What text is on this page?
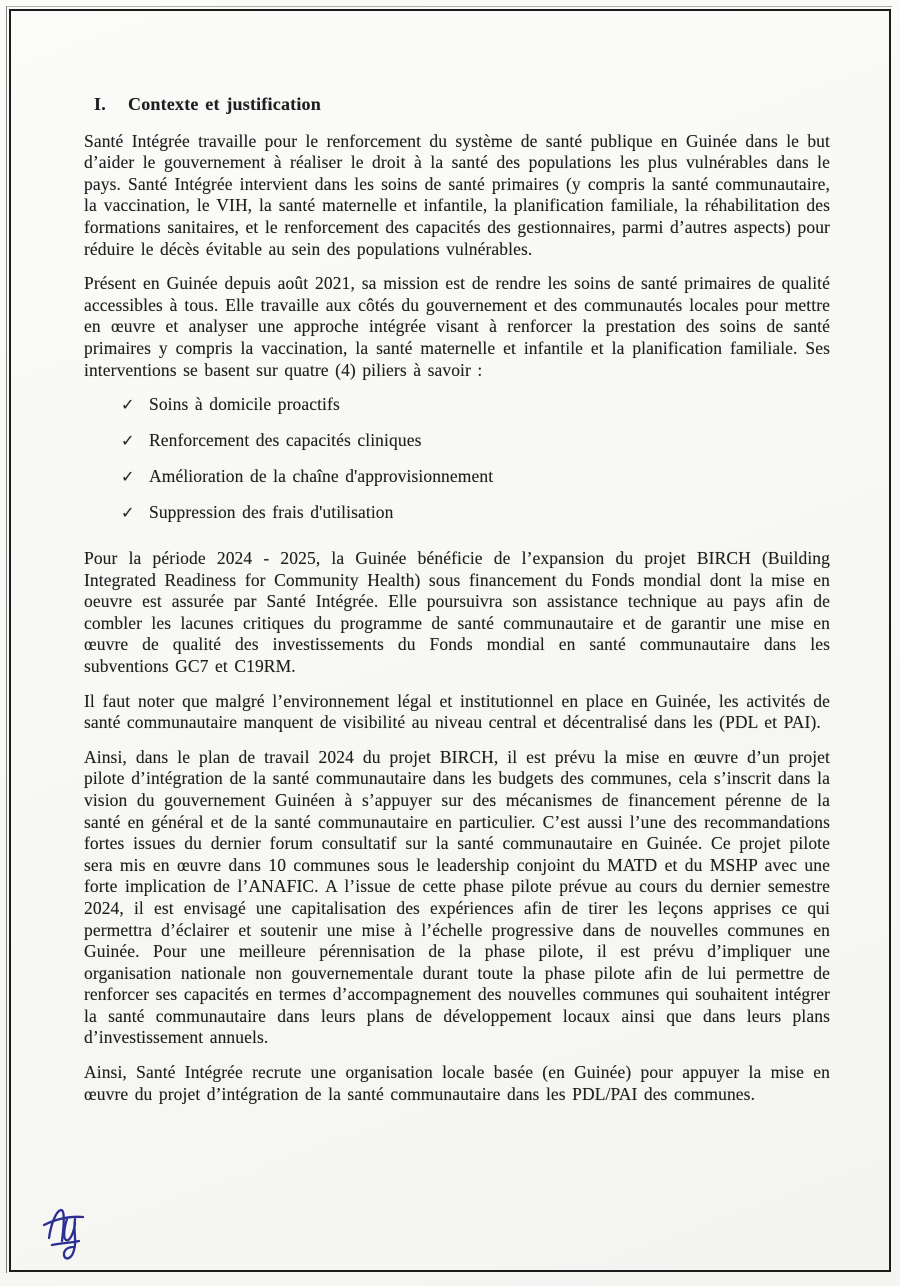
I. Contexte et justification

Santé Intégrée travaille pour le renforcement du système de santé publique en Guinée dans le but d’aider le gouvernement à réaliser le droit à la santé des populations les plus vulnérables dans le pays. Santé Intégrée intervient dans les soins de santé primaires (y compris la santé communautaire, la vaccination, le VIH, la santé maternelle et infantile, la planification familiale, la réhabilitation des formations sanitaires, et le renforcement des capacités des gestionnaires, parmi d’autres aspects) pour réduire le décès évitable au sein des populations vulnérables.

Présent en Guinée depuis août 2021, sa mission est de rendre les soins de santé primaires de qualité accessibles à tous. Elle travaille aux côtés du gouvernement et des communautés locales pour mettre en œuvre et analyser une approche intégrée visant à renforcer la prestation des soins de santé primaires y compris la vaccination, la santé maternelle et infantile et la planification familiale. Ses interventions se basent sur quatre (4) piliers à savoir :

✓ Soins à domicile proactifs
✓ Renforcement des capacités cliniques
✓ Amélioration de la chaîne d'approvisionnement
✓ Suppression des frais d'utilisation

Pour la période 2024 - 2025, la Guinée bénéficie de l’expansion du projet BIRCH (Building Integrated Readiness for Community Health) sous financement du Fonds mondial dont la mise en oeuvre est assurée par Santé Intégrée. Elle poursuivra son assistance technique au pays afin de combler les lacunes critiques du programme de santé communautaire et de garantir une mise en œuvre de qualité des investissements du Fonds mondial en santé communautaire dans les subventions GC7 et C19RM.

Il faut noter que malgré l’environnement légal et institutionnel en place en Guinée, les activités de santé communautaire manquent de visibilité au niveau central et décentralisé dans les (PDL et PAI).

Ainsi, dans le plan de travail 2024 du projet BIRCH, il est prévu la mise en œuvre d’un projet pilote d’intégration de la santé communautaire dans les budgets des communes, cela s’inscrit dans la vision du gouvernement Guinéen à s’appuyer sur des mécanismes de financement pérenne de la santé en général et de la santé communautaire en particulier. C’est aussi l’une des recommandations fortes issues du dernier forum consultatif sur la santé communautaire en Guinée. Ce projet pilote sera mis en œuvre dans 10 communes sous le leadership conjoint du MATD et du MSHP avec une forte implication de l’ANAFIC. A l’issue de cette phase pilote prévue au cours du dernier semestre 2024, il est envisagé une capitalisation des expériences afin de tirer les leçons apprises ce qui permettra d’éclairer et soutenir une mise à l’échelle progressive dans de nouvelles communes en Guinée. Pour une meilleure pérennisation de la phase pilote, il est prévu d’impliquer une organisation nationale non gouvernementale durant toute la phase pilote afin de lui permettre de renforcer ses capacités en termes d’accompagnement des nouvelles communes qui souhaitent intégrer la santé communautaire dans leurs plans de développement locaux ainsi que dans leurs plans d’investissement annuels.

Ainsi, Santé Intégrée recrute une organisation locale basée (en Guinée) pour appuyer la mise en œuvre du projet d’intégration de la santé communautaire dans les PDL/PAI des communes.
